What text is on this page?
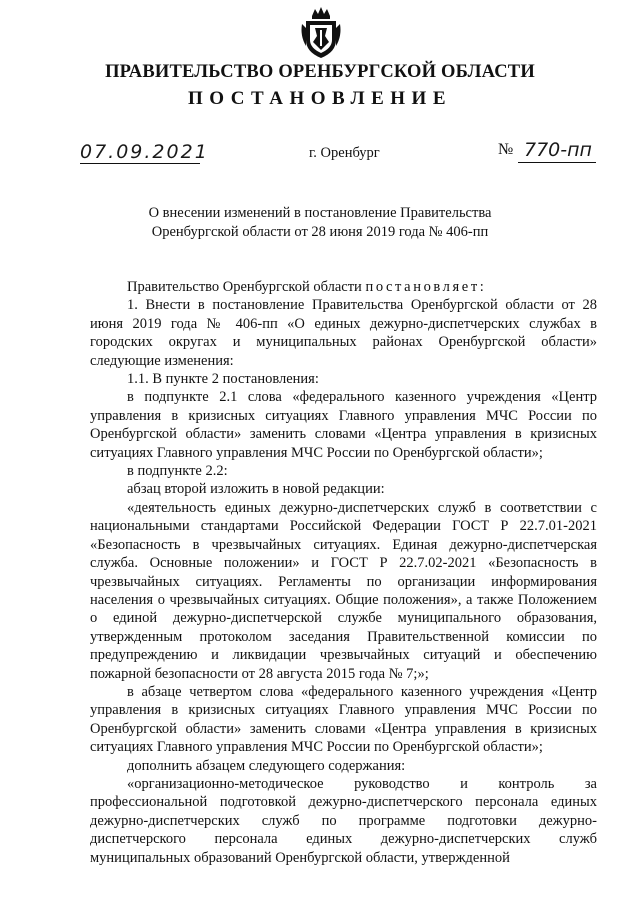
ПРАВИТЕЛЬСТВО ОРЕНБУРГСКОЙ ОБЛАСТИ
ПОСТАНОВЛЕНИЕ
07.09.2021	г. Оренбург	№ 770-пп
О внесении изменений в постановление Правительства
Оренбургской области от 28 июня 2019 года № 406-пп

Правительство Оренбургской области постановляет:

1. Внести в постановление Правительства Оренбургской области от 28 июня 2019 года № 406-пп «О единых дежурно-диспетчерских службах в городских округах и муниципальных районах Оренбургской области» следующие изменения:

1.1. В пункте 2 постановления:

в подпункте 2.1 слова «федерального казенного учреждения «Центр управления в кризисных ситуациях Главного управления МЧС России по Оренбургской области» заменить словами «Центра управления в кризисных ситуациях Главного управления МЧС России по Оренбургской области»;

в подпункте 2.2:

абзац второй изложить в новой редакции:

«деятельность единых дежурно-диспетчерских служб в соответствии с национальными стандартами Российской Федерации ГОСТ Р 22.7.01-2021 «Безопасность в чрезвычайных ситуациях. Единая дежурно-диспетчерская служба. Основные положении» и ГОСТ Р 22.7.02-2021 «Безопасность в чрезвычайных ситуациях. Регламенты по организации информирования населения о чрезвычайных ситуациях. Общие положения», а также Положением о единой дежурно-диспетчерской службе муниципального образования, утвержденным протоколом заседания Правительственной комиссии по предупреждению и ликвидации чрезвычайных ситуаций и обеспечению пожарной безопасности от 28 августа 2015 года № 7;»;

в абзаце четвертом слова «федерального казенного учреждения «Центр управления в кризисных ситуациях Главного управления МЧС России по Оренбургской области» заменить словами «Центра управления в кризисных ситуациях Главного управления МЧС России по Оренбургской области»;

дополнить абзацем следующего содержания:

«организационно-методическое руководство и контроль за профессиональной подготовкой дежурно-диспетчерского персонала единых дежурно-диспетчерских служб по программе подготовки дежурно-диспетчерского персонала единых дежурно-диспетчерских служб муниципальных образований Оренбургской области, утвержденной
